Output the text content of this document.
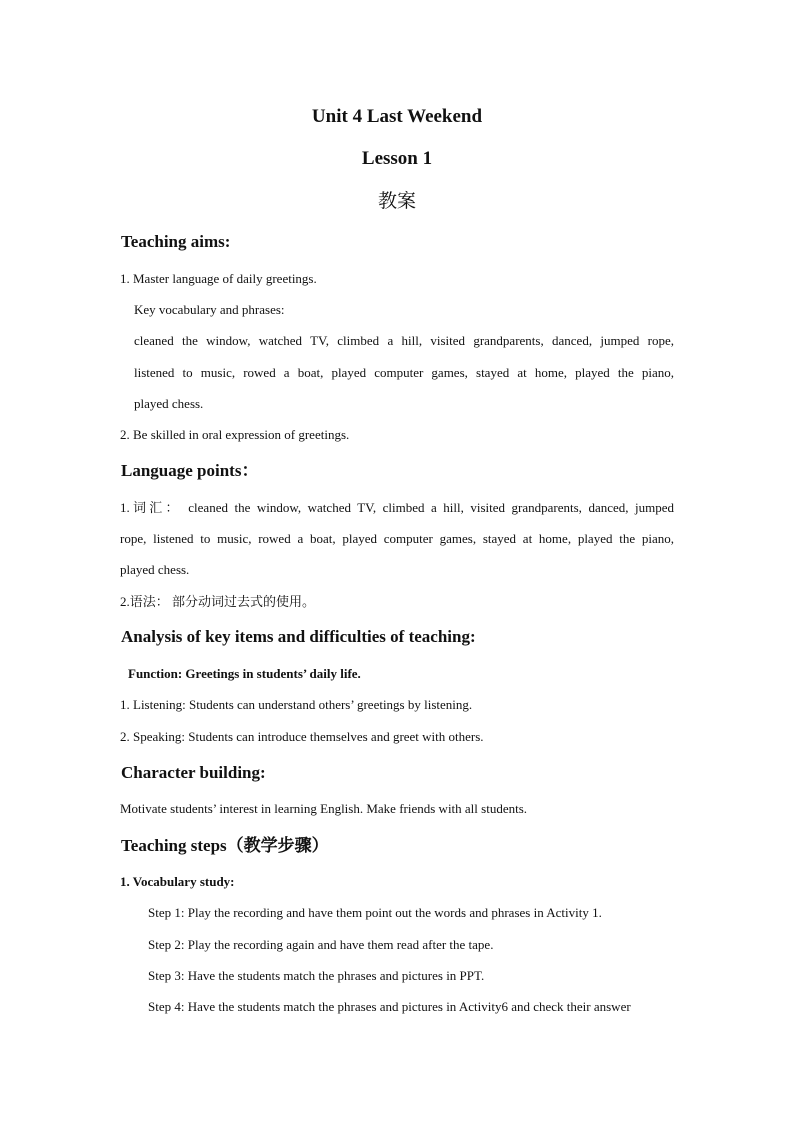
Unit 4 Last Weekend
Lesson 1
教案
Teaching aims:
1. Master language of daily greetings.
Key vocabulary and phrases:
cleaned the window, watched TV, climbed a hill, visited grandparents, danced, jumped rope,
listened to music, rowed a boat, played computer games, stayed at home, played the piano,
played chess.
2. Be skilled in oral expression of greetings.
Language points：
1.词汇： cleaned the window, watched TV, climbed a hill, visited grandparents, danced, jumped
rope, listened to music, rowed a boat, played computer games, stayed at home, played the piano,
played chess.
2.语法： 部分动词过去式的使用。
Analysis of key items and difficulties of teaching:
Function: Greetings in students’ daily life.
1. Listening: Students can understand others’ greetings by listening.
2. Speaking: Students can introduce themselves and greet with others.
Character building:
Motivate students’ interest in learning English. Make friends with all students.
Teaching steps（教学步骤）
1. Vocabulary study:
Step 1: Play the recording and have them point out the words and phrases in Activity 1.
Step 2: Play the recording again and have them read after the tape.
Step 3: Have the students match the phrases and pictures in PPT.
Step 4: Have the students match the phrases and pictures in Activity6 and check their answer
